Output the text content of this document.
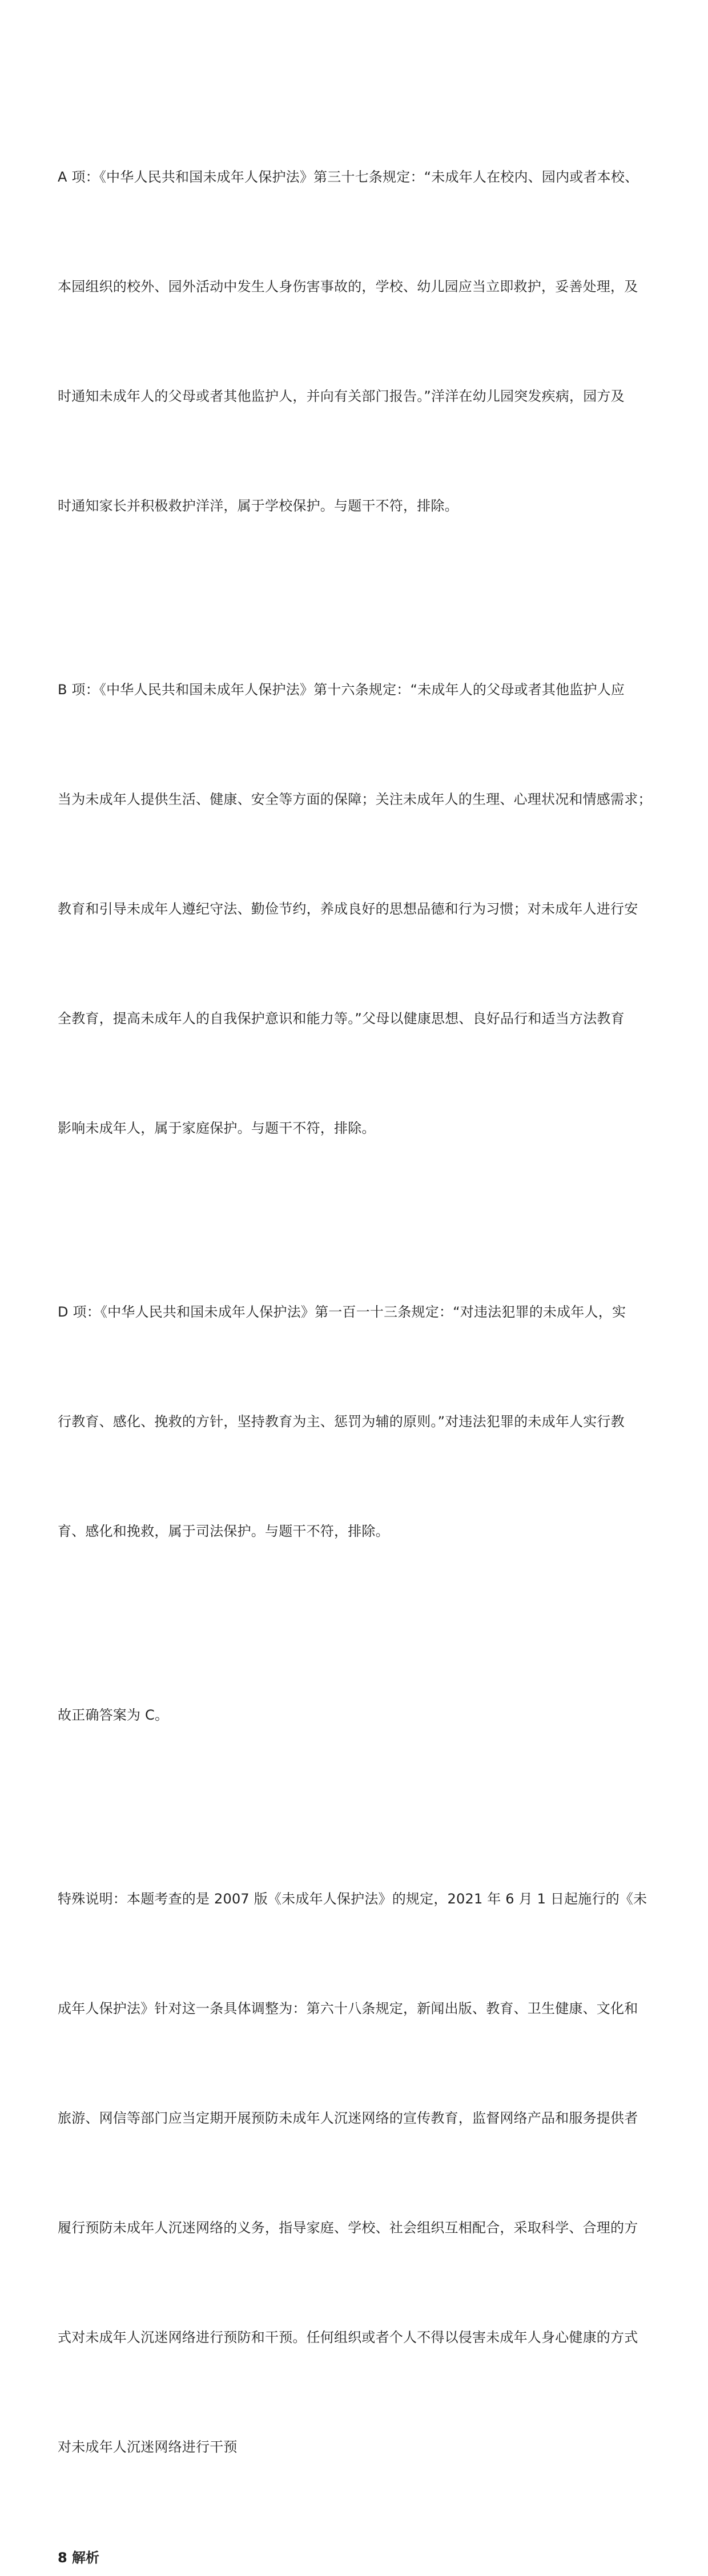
A 项：《中华人民共和国未成年人保护法》第三十七条规定：“未成年人在校内、园内或者本校、

本园组织的校外、园外活动中发生人身伤害事故的，学校、幼儿园应当立即救护，妥善处理，及

时通知未成年人的父母或者其他监护人，并向有关部门报告。”洋洋在幼儿园突发疾病，园方及

时通知家长并积极救护洋洋，属于学校保护。与题干不符，排除。

B 项：《中华人民共和国未成年人保护法》第十六条规定：“未成年人的父母或者其他监护人应

当为未成年人提供生活、健康、安全等方面的保障；关注未成年人的生理、心理状况和情感需求；

教育和引导未成年人遵纪守法、勤俭节约，养成良好的思想品德和行为习惯；对未成年人进行安

全教育，提高未成年人的自我保护意识和能力等。”父母以健康思想、良好品行和适当方法教育

影响未成年人，属于家庭保护。与题干不符，排除。

D 项：《中华人民共和国未成年人保护法》第一百一十三条规定：“对违法犯罪的未成年人，实

行教育、感化、挽救的方针，坚持教育为主、惩罚为辅的原则。”对违法犯罪的未成年人实行教

育、感化和挽救，属于司法保护。与题干不符，排除。

故正确答案为 C。

特殊说明：本题考查的是 2007 版《未成年人保护法》的规定，2021 年 6 月 1 日起施行的《未

成年人保护法》针对这一条具体调整为：第六十八条规定，新闻出版、教育、卫生健康、文化和

旅游、网信等部门应当定期开展预防未成年人沉迷网络的宣传教育，监督网络产品和服务提供者

履行预防未成年人沉迷网络的义务，指导家庭、学校、社会组织互相配合，采取科学、合理的方

式对未成年人沉迷网络进行预防和干预。任何组织或者个人不得以侵害未成年人身心健康的方式

对未成年人沉迷网络进行干预

8 解析
